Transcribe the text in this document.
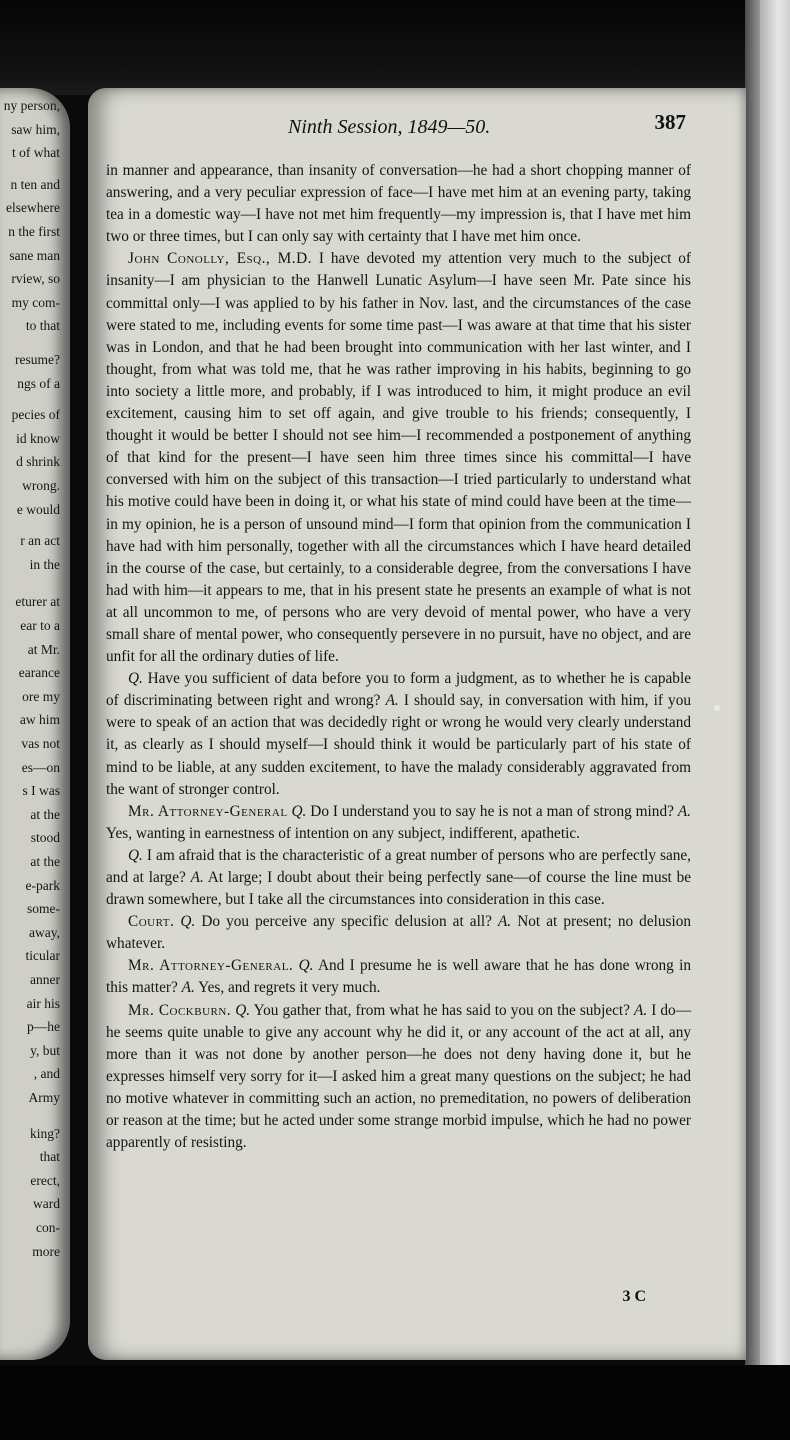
ny person,
saw him,
t of what
n ten and
elsewhere
n the first
sane man
rview, so
my com-
to that
resume?
ngs of a
pecies of
id know
d shrink
wrong.
e would
r an act
in the
eturer at
ear to a
at Mr.
earance
ore my
aw him
vas not
es—on
s I was
at the
stood
at the
e-park
some-
away,
ticular
anner
air his
p—he
y, but
, and
Army
king?
that
erect,
ward
con-
more
Ninth Session, 1849—50.	387

in manner and appearance, than insanity of conversation—he had a short chopping manner of answering, and a very peculiar expression of face—I have met him at an evening party, taking tea in a domestic way—I have not met him frequently—my impression is, that I have met him two or three times, but I can only say with certainty that I have met him once.

John Conolly, Esq., M.D. I have devoted my attention very much to the subject of insanity—I am physician to the Hanwell Lunatic Asylum—I have seen Mr. Pate since his committal only—I was applied to by his father in Nov. last, and the circumstances of the case were stated to me, including events for some time past—I was aware at that time that his sister was in London, and that he had been brought into communication with her last winter, and I thought, from what was told me, that he was rather improving in his habits, beginning to go into society a little more, and probably, if I was introduced to him, it might produce an evil excitement, causing him to set off again, and give trouble to his friends; consequently, I thought it would be better I should not see him—I recommended a postponement of anything of that kind for the present—I have seen him three times since his committal—I have conversed with him on the subject of this transaction—I tried particularly to understand what his motive could have been in doing it, or what his state of mind could have been at the time—in my opinion, he is a person of unsound mind—I form that opinion from the communication I have had with him personally, together with all the circumstances which I have heard detailed in the course of the case, but certainly, to a considerable degree, from the conversations I have had with him—it appears to me, that in his present state he presents an example of what is not at all uncommon to me, of persons who are very devoid of mental power, who have a very small share of mental power, who consequently persevere in no pursuit, have no object, and are unfit for all the ordinary duties of life.

Q. Have you sufficient of data before you to form a judgment, as to whether he is capable of discriminating between right and wrong? A. I should say, in conversation with him, if you were to speak of an action that was decidedly right or wrong he would very clearly understand it, as clearly as I should myself—I should think it would be particularly part of his state of mind to be liable, at any sudden excitement, to have the malady considerably aggravated from the want of stronger control.

Mr. Attorney-General Q. Do I understand you to say he is not a man of strong mind? A. Yes, wanting in earnestness of intention on any subject, indifferent, apathetic.

Q. I am afraid that is the characteristic of a great number of persons who are perfectly sane, and at large? A. At large; I doubt about their being perfectly sane—of course the line must be drawn somewhere, but I take all the circumstances into consideration in this case.

Court. Q. Do you perceive any specific delusion at all? A. Not at present; no delusion whatever.

Mr. Attorney-General. Q. And I presume he is well aware that he has done wrong in this matter? A. Yes, and regrets it very much.

Mr. Cockburn. Q. You gather that, from what he has said to you on the subject? A. I do—he seems quite unable to give any account why he did it, or any account of the act at all, any more than it was not done by another person—he does not deny having done it, but he expresses himself very sorry for it—I asked him a great many questions on the subject; he had no motive whatever in committing such an action, no premeditation, no powers of deliberation or reason at the time; but he acted under some strange morbid impulse, which he had no power apparently of resisting.

3 C
